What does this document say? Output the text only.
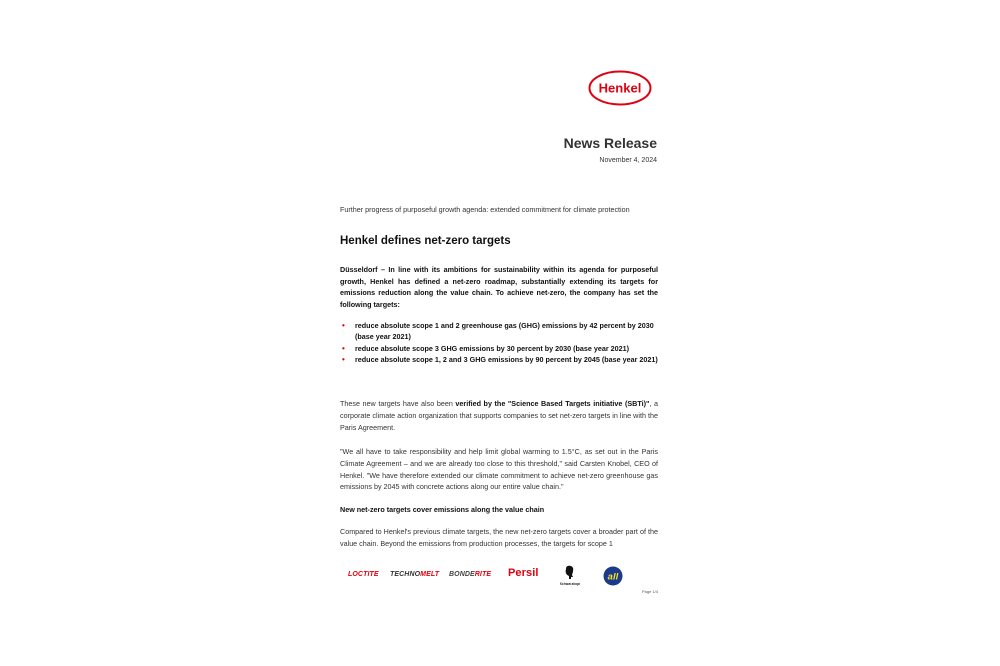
Henkel
News Release
November 4, 2024
Further progress of purposeful growth agenda: extended commitment for climate protection
Henkel defines net-zero targets
Düsseldorf – In line with its ambitions for sustainability within its agenda for purposeful growth, Henkel has defined a net-zero roadmap, substantially extending its targets for emissions reduction along the value chain. To achieve net-zero, the company has set the following targets:
• reduce absolute scope 1 and 2 greenhouse gas (GHG) emissions by 42 percent by 2030 (base year 2021)
• reduce absolute scope 3 GHG emissions by 30 percent by 2030 (base year 2021)
• reduce absolute scope 1, 2 and 3 GHG emissions by 90 percent by 2045 (base year 2021)
These new targets have also been verified by the "Science Based Targets initiative (SBTi)", a corporate climate action organization that supports companies to set net-zero targets in line with the Paris Agreement.
"We all have to take responsibility and help limit global warming to 1.5°C, as set out in the Paris Climate Agreement – and we are already too close to this threshold," said Carsten Knobel, CEO of Henkel. "We have therefore extended our climate commitment to achieve net-zero greenhouse gas emissions by 2045 with concrete actions along our entire value chain."
New net-zero targets cover emissions along the value chain
Compared to Henkel's previous climate targets, the new net-zero targets cover a broader part of the value chain. Beyond the emissions from production processes, the targets for scope 1
LOCTITE TECHNOMELT BONDERITE Persil
Schwarzkopf
all
Page 1/4
